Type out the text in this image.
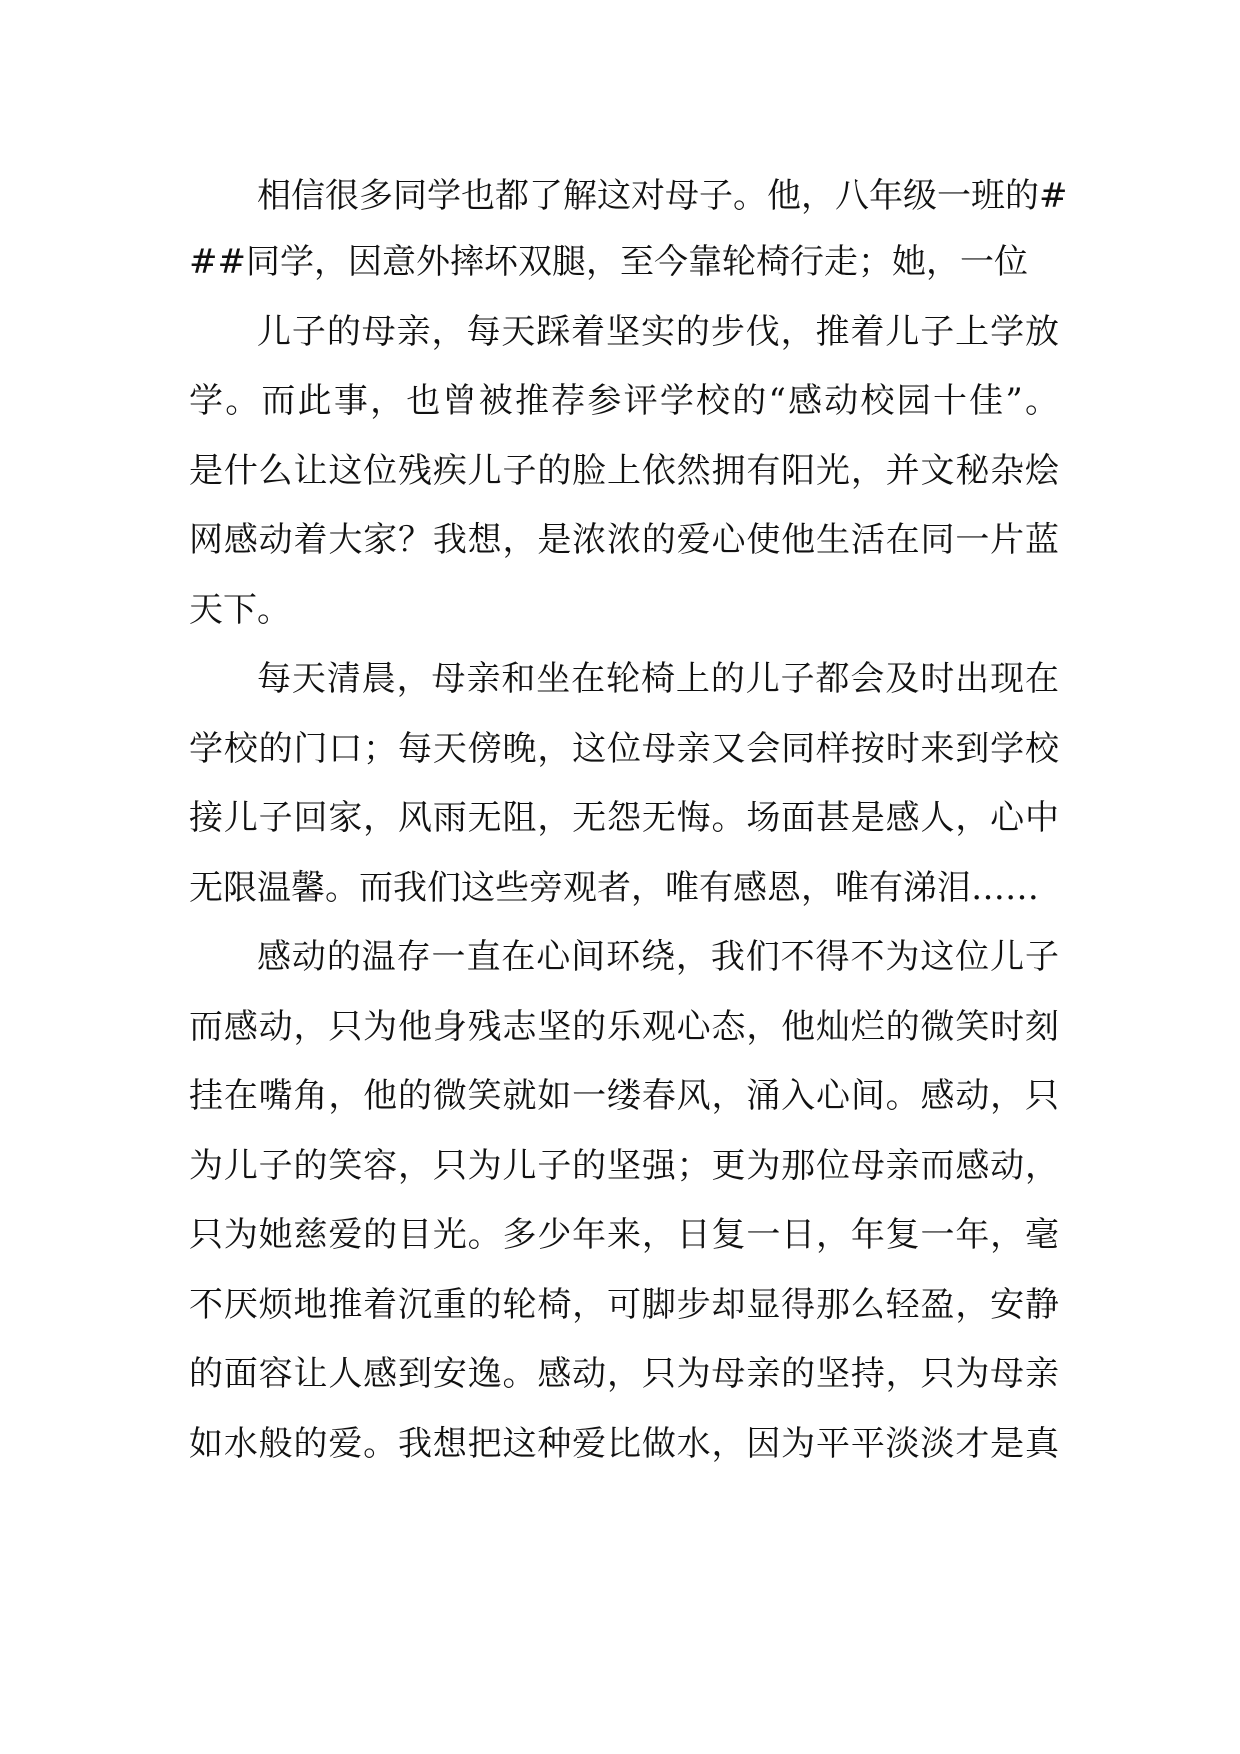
相信很多同学也都了解这对母子。他，八年级一班的#
##同学，因意外摔坏双腿，至今靠轮椅行走；她，一位
儿子的母亲，每天踩着坚实的步伐，推着儿子上学放
学。而此事，也曾被推荐参评学校的“感动校园十佳”。
是什么让这位残疾儿子的脸上依然拥有阳光，并文秘杂烩
网感动着大家？我想，是浓浓的爱心使他生活在同一片蓝
天下。
每天清晨，母亲和坐在轮椅上的儿子都会及时出现在
学校的门口；每天傍晚，这位母亲又会同样按时来到学校
接儿子回家，风雨无阻，无怨无悔。场面甚是感人，心中
无限温馨。而我们这些旁观者，唯有感恩，唯有涕泪……
感动的温存一直在心间环绕，我们不得不为这位儿子
而感动，只为他身残志坚的乐观心态，他灿烂的微笑时刻
挂在嘴角，他的微笑就如一缕春风，涌入心间。感动，只
为儿子的笑容，只为儿子的坚强；更为那位母亲而感动，
只为她慈爱的目光。多少年来，日复一日，年复一年，毫
不厌烦地推着沉重的轮椅，可脚步却显得那么轻盈，安静
的面容让人感到安逸。感动，只为母亲的坚持，只为母亲
如水般的爱。我想把这种爱比做水，因为平平淡淡才是真
